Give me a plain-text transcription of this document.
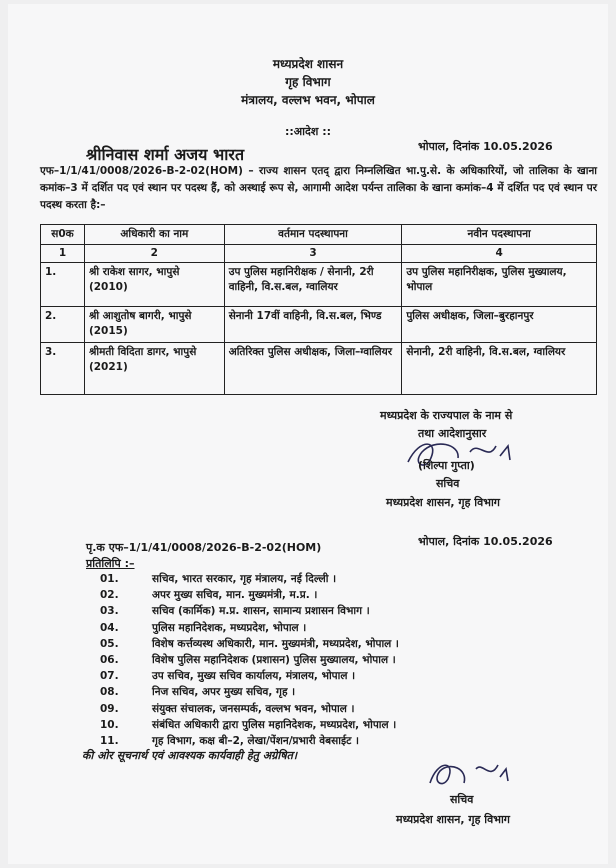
मध्यप्रदेश शासन
गृह विभाग
मंत्रालय, वल्लभ भवन, भोपाल
::आदेश ::
श्रीनिवास शर्मा अजय भारत	भोपाल, दिनांक 10.05.2026
एफ–1/1/41/0008/2026-B-2-02(HOM) – राज्य शासन एतद् द्वारा निम्नलिखित भा.पु.से. के अधिकारियों, जो तालिका के खाना कमांक–3 में दर्शित पद एवं स्थान पर पदस्थ हैं, को अस्थाई रूप से, आगामी आदेश पर्यन्त तालिका के खाना कमांक–4 में दर्शित पद एवं स्थान पर पदस्थ करता है:–
स0क	अधिकारी का नाम	वर्तमान पदस्थापना	नवीन पदस्थापना
1	2	3	4
1.	श्री राकेश सागर, भापुसे (2010)	उप पुलिस महानिरीक्षक / सेनानी, 2री वाहिनी, वि.स.बल, ग्वालियर	उप पुलिस महानिरीक्षक, पुलिस मुख्यालय, भोपाल
2.	श्री आशुतोष बागरी, भापुसे (2015)	सेनानी 17वीं वाहिनी, वि.स.बल, भिण्ड	पुलिस अधीक्षक, जिला–बुरहानपुर
3.	श्रीमती विदिता डागर, भापुसे (2021)	अतिरिक्त पुलिस अधीक्षक, जिला–ग्वालियर	सेनानी, 2री वाहिनी, वि.स.बल, ग्वालियर
मध्यप्रदेश के राज्यपाल के नाम से
तथा आदेशानुसार
(शिल्पा गुप्ता)
सचिव
मध्यप्रदेश शासन, गृह विभाग
पृ.क एफ–1/1/41/0008/2026-B-2-02(HOM)	भोपाल, दिनांक 10.05.2026
प्रतिलिपि :–
01.	सचिव, भारत सरकार, गृह मंत्रालय, नई दिल्ली ।
02.	अपर मुख्य सचिव, मान. मुख्यमंत्री, म.प्र. ।
03.	सचिव (कार्मिक) म.प्र. शासन, सामान्य प्रशासन विभाग ।
04.	पुलिस महानिदेशक, मध्यप्रदेश, भोपाल ।
05.	विशेष कर्त्तव्यस्थ अधिकारी, मान. मुख्यमंत्री, मध्यप्रदेश, भोपाल ।
06.	विशेष पुलिस महानिदेशक (प्रशासन) पुलिस मुख्यालय, भोपाल ।
07.	उप सचिव, मुख्य सचिव कार्यालय, मंत्रालय, भोपाल ।
08.	निज सचिव, अपर मुख्य सचिव, गृह ।
09.	संयुक्त संचालक, जनसम्पर्क, वल्लभ भवन, भोपाल ।
10.	संबंधित अधिकारी द्वारा पुलिस महानिदेशक, मध्यप्रदेश, भोपाल ।
11.	गृह विभाग, कक्ष बी–2, लेखा/पेंशन/प्रभारी वेबसाईट ।
की ओर सूचनार्थ एवं आवश्यक कार्यवाही हेतु अग्रेषित।
सचिव
मध्यप्रदेश शासन, गृह विभाग
